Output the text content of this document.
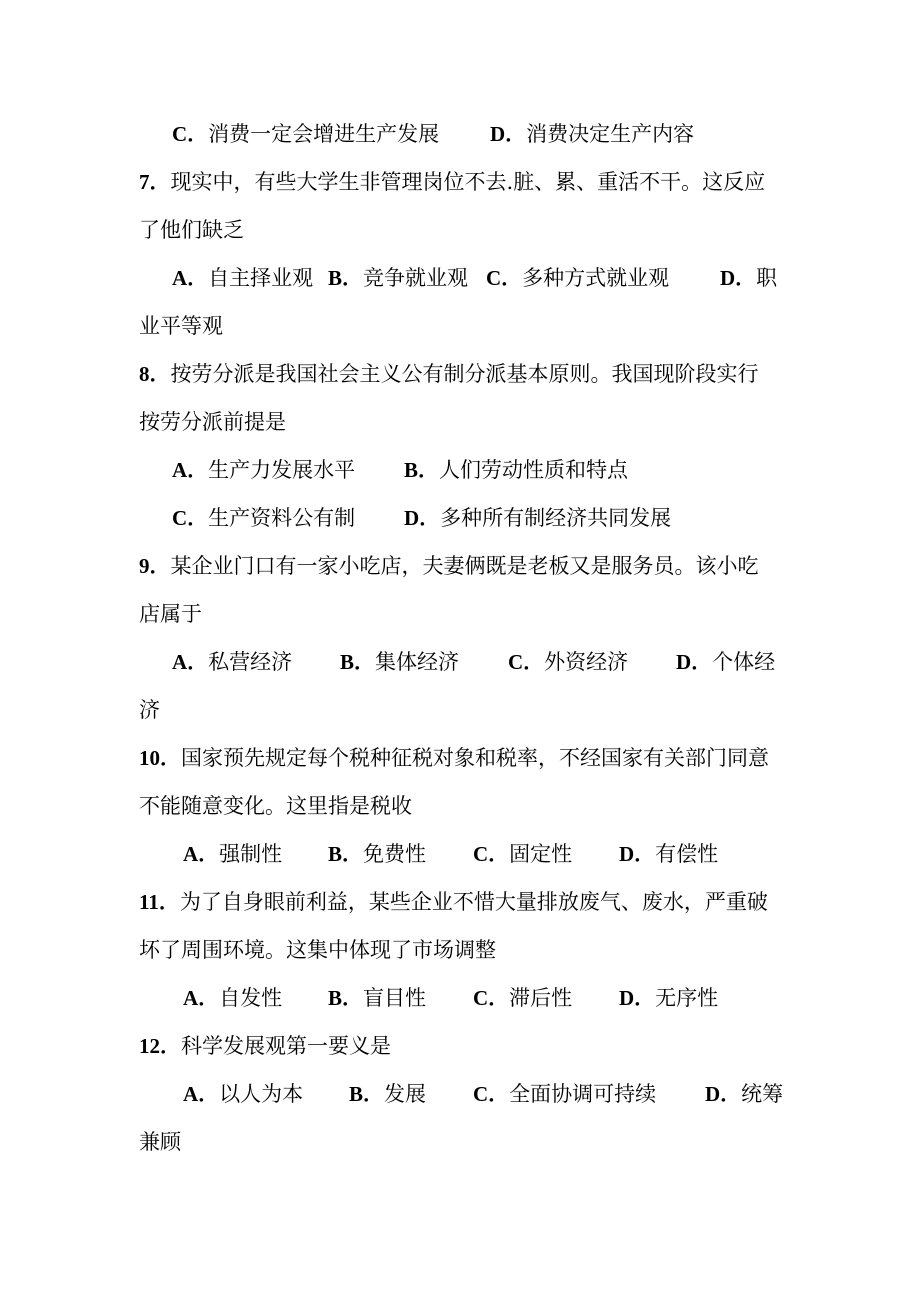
C．消费一定会增进生产发展 D．消费决定生产内容
7．现实中，有些大学生非管理岗位不去.脏、累、重活不干。这反应
了他们缺乏
A．自主择业观 B．竞争就业观 C．多种方式就业观 D．职
业平等观
8．按劳分派是我国社会主义公有制分派基本原则。我国现阶段实行
按劳分派前提是
A．生产力发展水平 B．人们劳动性质和特点
C．生产资料公有制 D．多种所有制经济共同发展
9．某企业门口有一家小吃店，夫妻俩既是老板又是服务员。该小吃
店属于
A．私营经济 B．集体经济 C．外资经济 D．个体经
济
10．国家预先规定每个税种征税对象和税率，不经国家有关部门同意
不能随意变化。这里指是税收
A．强制性 B．免费性 C．固定性 D．有偿性
11．为了自身眼前利益，某些企业不惜大量排放废气、废水，严重破
坏了周围环境。这集中体现了市场调整
A．自发性 B．盲目性 C．滞后性 D．无序性
12．科学发展观第一要义是
A．以人为本 B．发展 C．全面协调可持续 D．统筹
兼顾
